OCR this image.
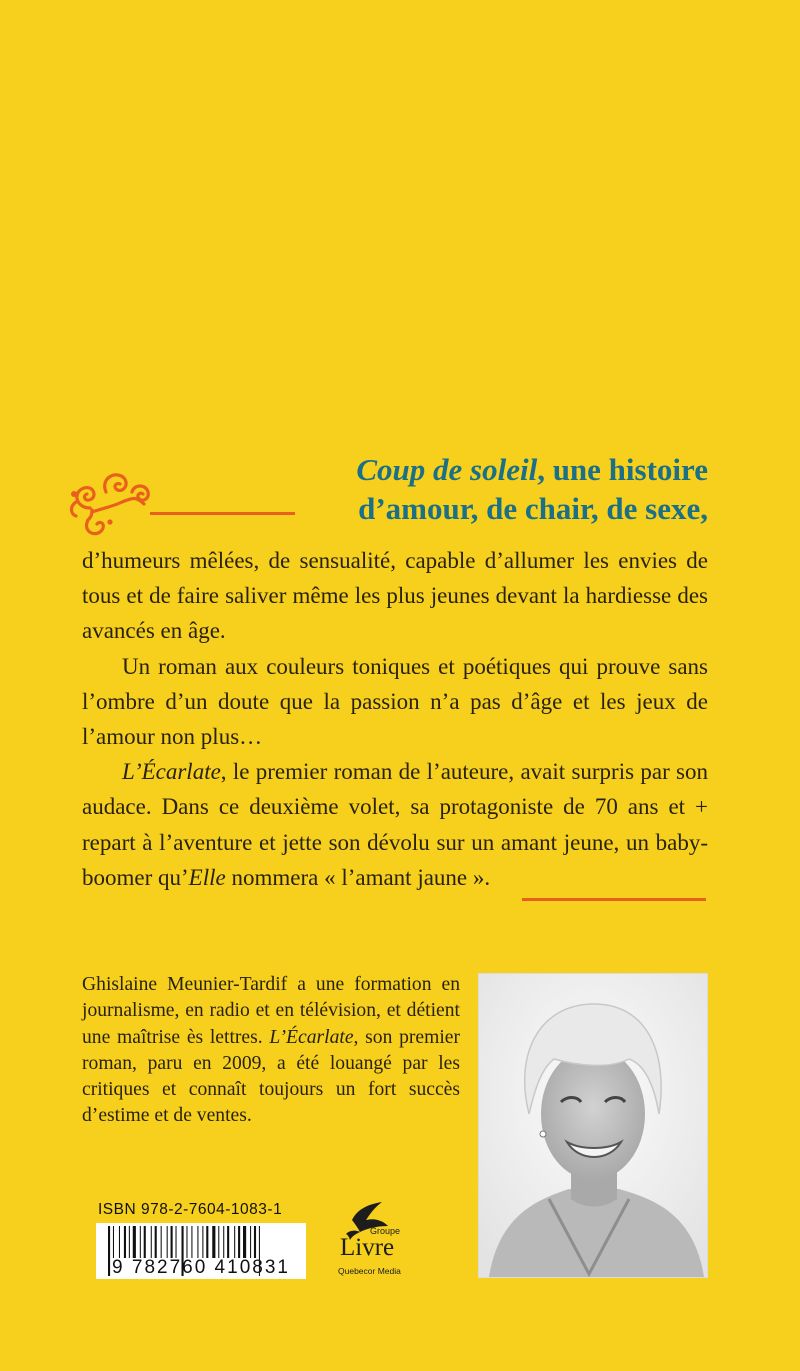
Coup de soleil, une histoire
d’amour, de chair, de sexe,

d’humeurs mêlées, de sensualité, capable d’allumer les envies de tous et de faire saliver même les plus jeunes devant la hardiesse des avancés en âge.

Un roman aux couleurs toniques et poétiques qui prouve sans l’ombre d’un doute que la passion n’a pas d’âge et les jeux de l’amour non plus…

L’Écarlate, le premier roman de l’auteure, avait surpris par son audace. Dans ce deuxième volet, sa protagoniste de 70 ans et + repart à l’aventure et jette son dévolu sur un amant jeune, un baby-boomer qu’Elle nommera « l’amant jaune ».

Ghislaine Meunier-Tardif a une formation en journalisme, en radio et en télévision, et détient une maîtrise ès lettres. L’Écarlate, son premier roman, paru en 2009, a été louangé par les critiques et connaît toujours un fort succès d’estime et de ventes.

ISBN 978-2-7604-1083-1
9 782760 410831
Groupe
Livre
Quebecor Media
